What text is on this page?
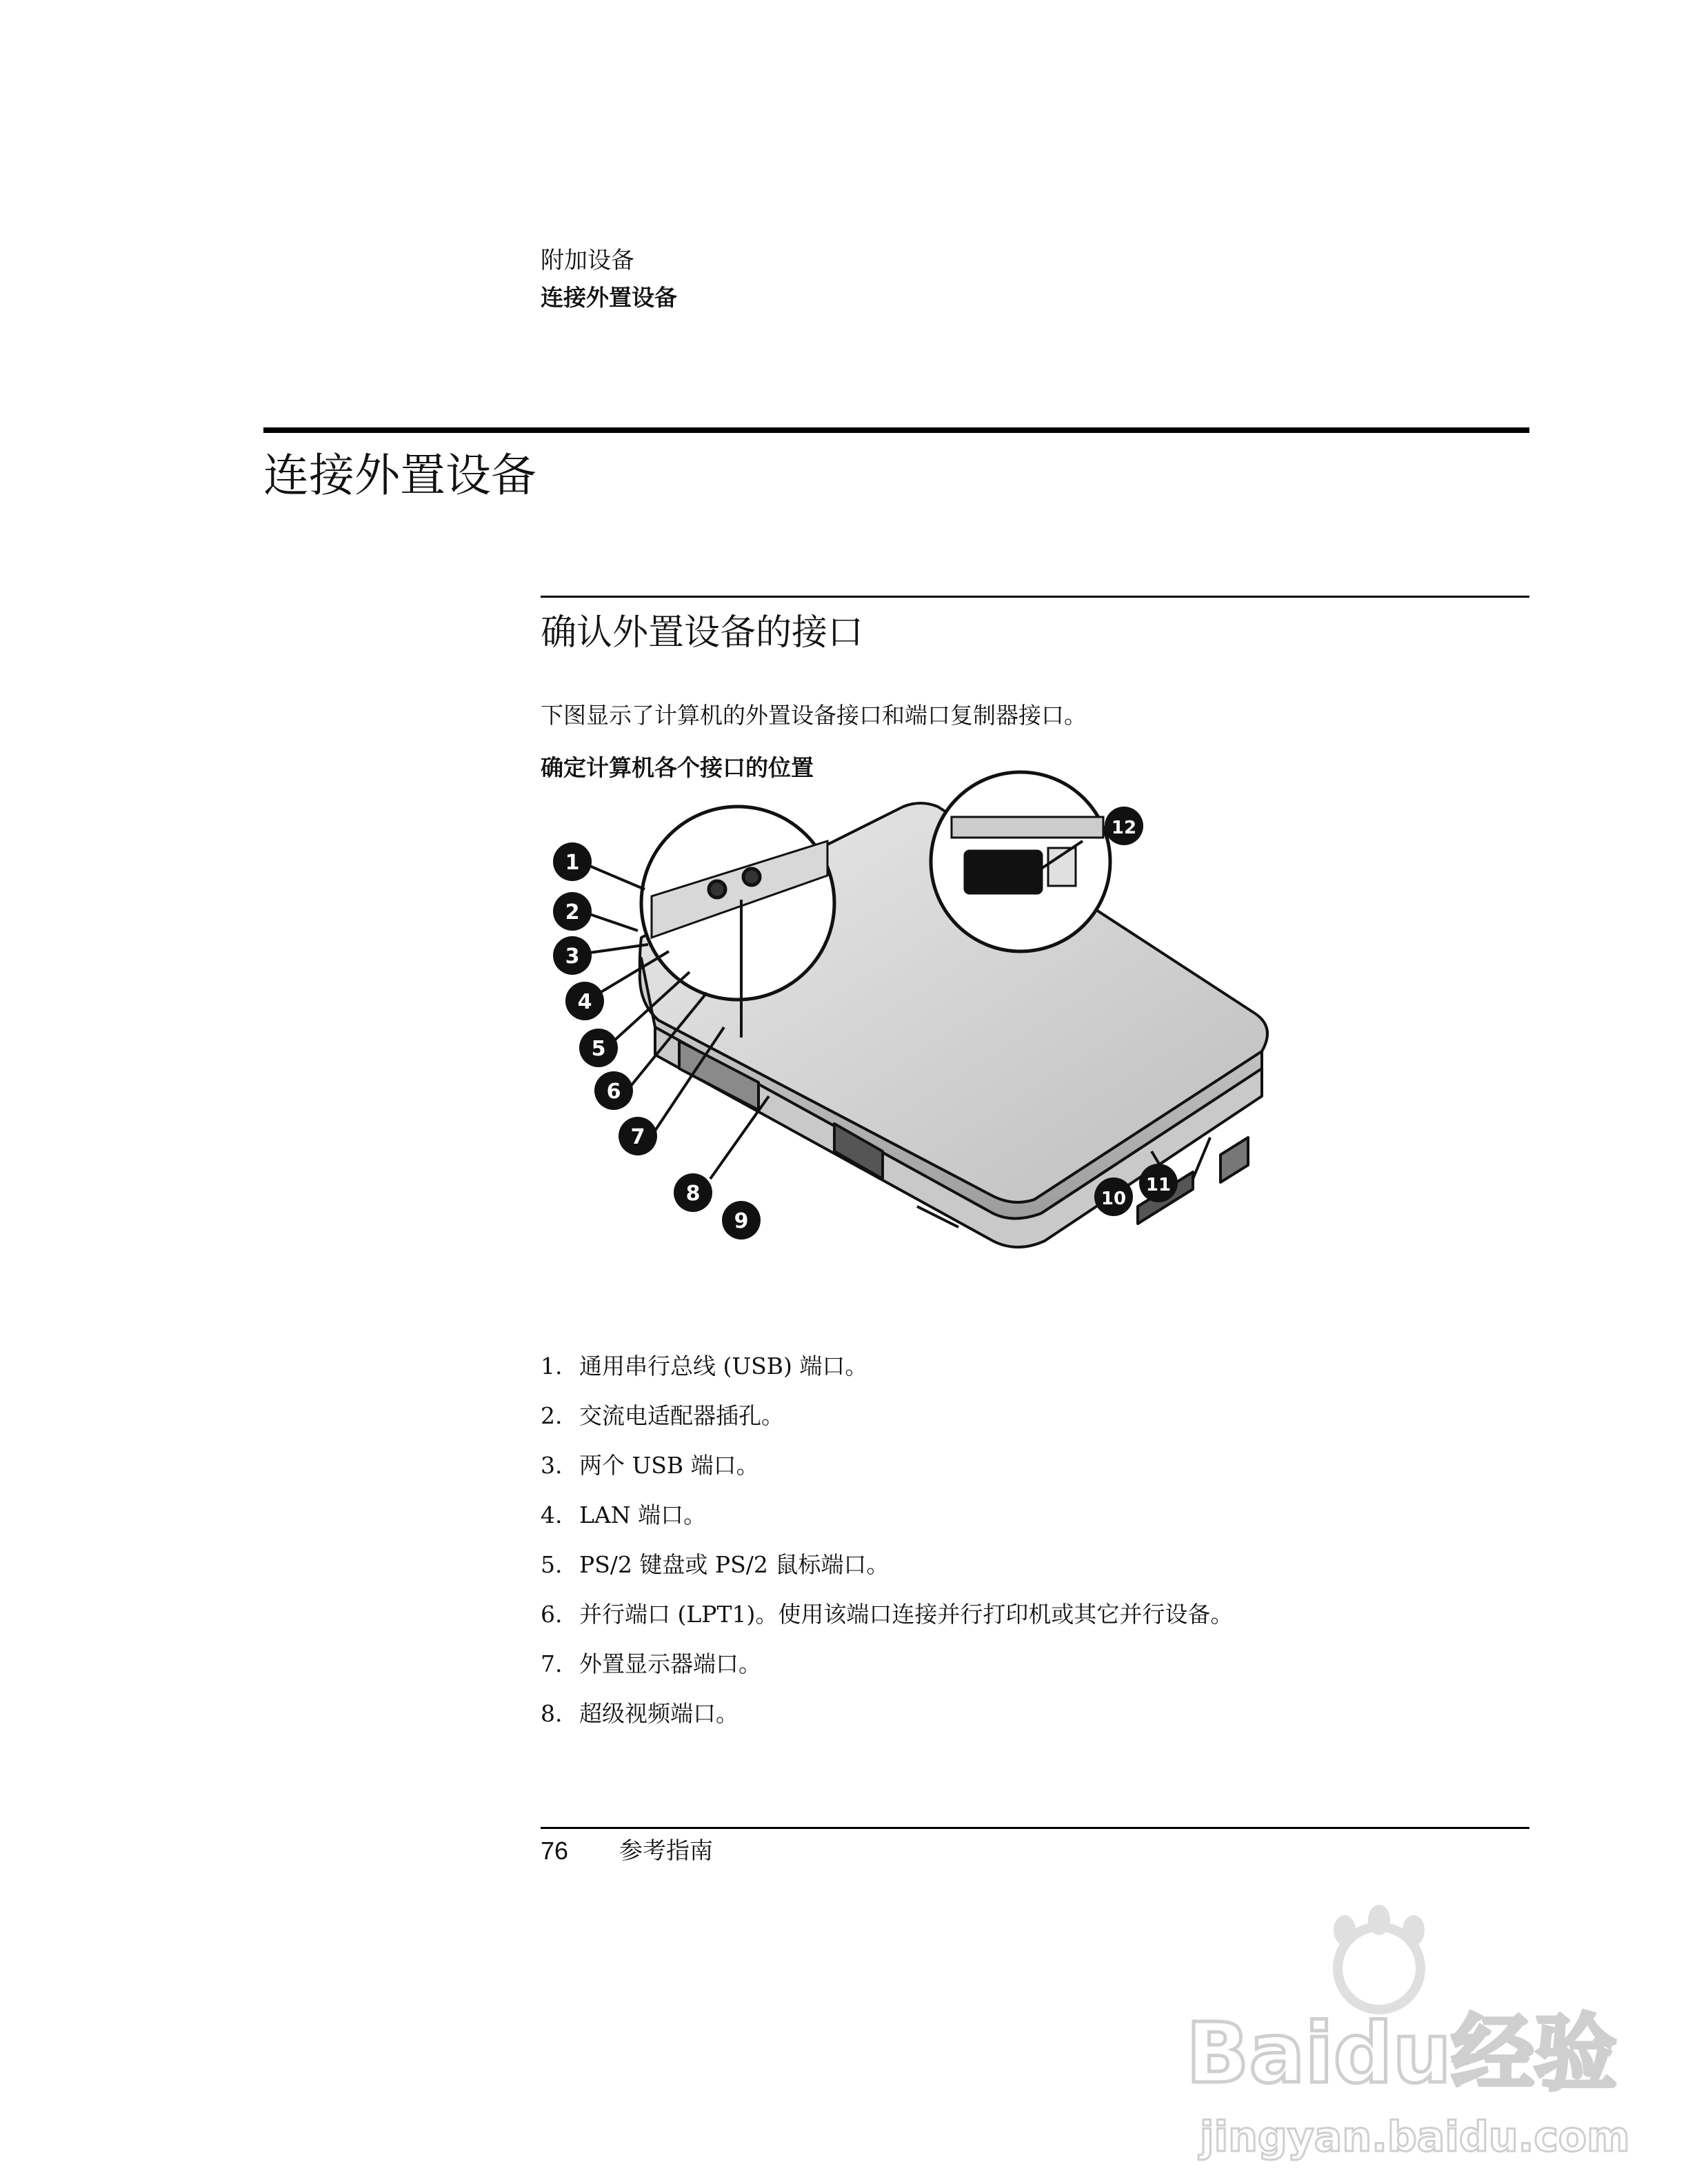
附加设备
连接外置设备
连接外置设备
确认外置设备的接口
下图显示了计算机的外置设备接口和端口复制器接口。
确定计算机各个接口的位置
1
2
3
4
5
6
7
8
9
10
11
12
1. 通用串行总线 (USB) 端口。
2. 交流电适配器插孔。
3. 两个 USB 端口。
4. LAN 端口。
5. PS/2 键盘或 PS/2 鼠标端口。
6. 并行端口 (LPT1)。使用该端口连接并行打印机或其它并行设备。
7. 外置显示器端口。
8. 超级视频端口。
76 参考指南
Baidu经验
jingyan.baidu.com
